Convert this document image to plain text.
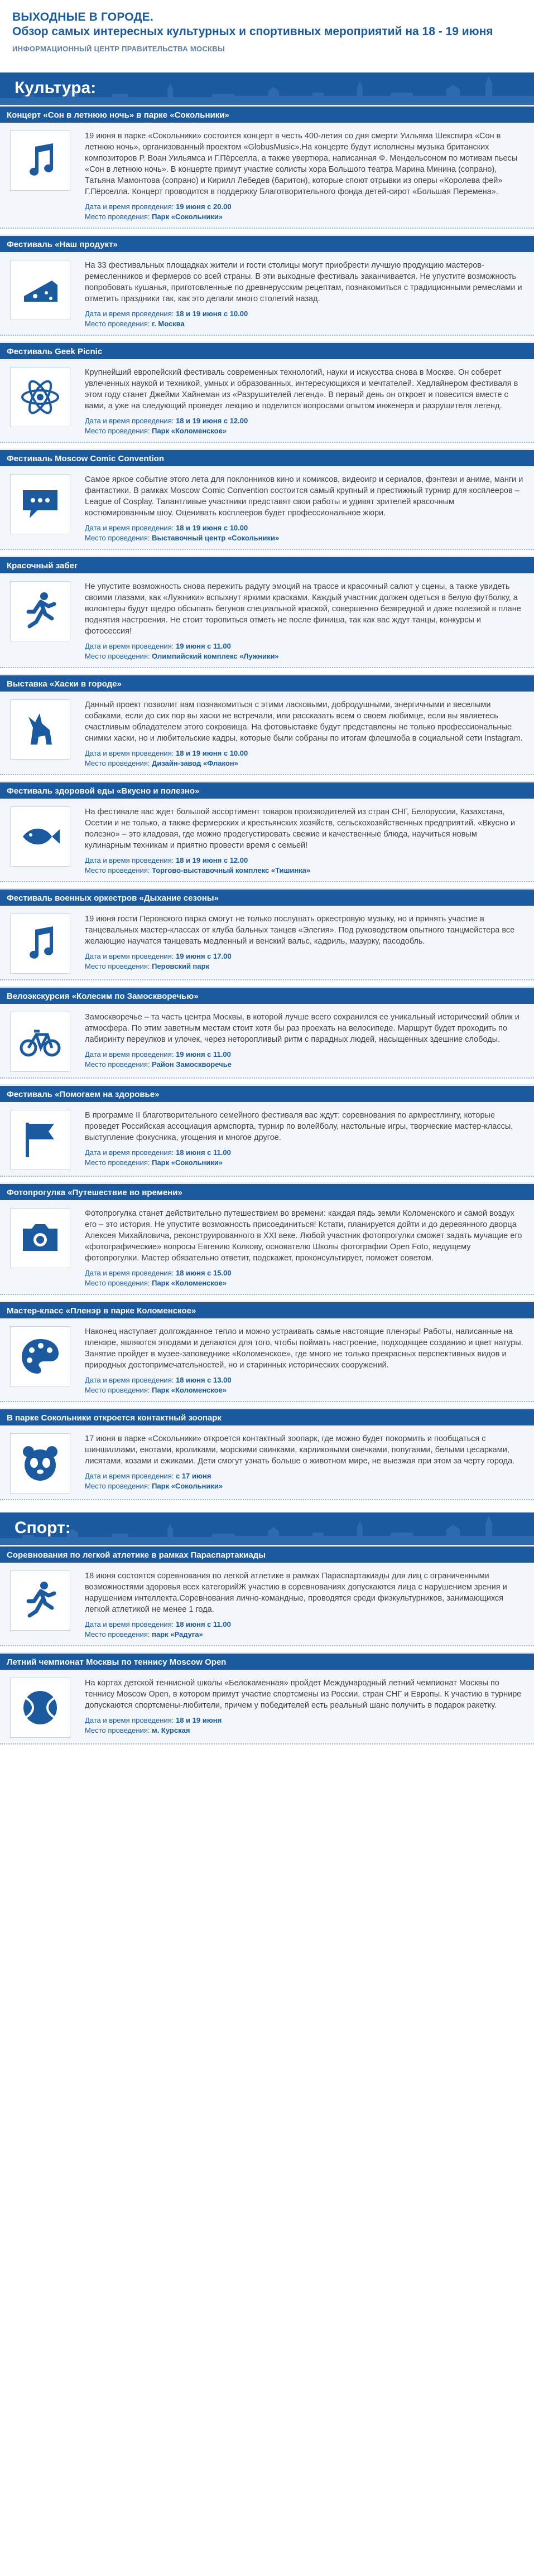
ВЫХОДНЫЕ В ГОРОДЕ.
Обзор самых интересных культурных и спортивных мероприятий на 18 - 19 июня
ИНФОРМАЦИОННЫЙ ЦЕНТР ПРАВИТЕЛЬСТВА МОСКВЫ
Культура:
Концерт «Сон в летнюю ночь» в парке «Сокольники»

19 июня в парке «Сокольники» состоится концерт в честь 400-летия со дня смерти Уильяма Шекспира «Сон в летнюю ночь», организованный проектом «GlobusMusic».На концерте будут исполнены музыка британских композиторов Р. Воан Уильямса и Г.Пёрселла, а также увертюра, написанная Ф. Мендельсоном по мотивам пьесы «Сон в летнюю ночь». В концерте примут участие солисты хора Большого театра Марина Минина (сопрано), Татьяна Мамонтова (сопрано) и Кирилл Лебедев (баритон), которые споют отрывки из оперы «Королева фей» Г.Пёрселла. Концерт проводится в поддержку Благотворительного фонда детей-сирот «Большая Перемена».

Дата и время проведения: 19 июня с 20.00
Место проведения: Парк «Сокольники»
Фестиваль «Наш продукт»

На 33 фестивальных площадках жители и гости столицы могут приобрести лучшую продукцию мастеров-ремесленников и фермеров со всей страны. В эти выходные фестиваль заканчивается. Не упустите возможность попробовать кушанья, приготовленные по древнерусским рецептам, познакомиться с традиционными ремеслами и отметить праздники так, как это делали много столетий назад.

Дата и время проведения: 18 и 19 июня с 10.00
Место проведения: г. Москва
Фестиваль Geek Picnic

Крупнейший европейский фестиваль современных технологий, науки и искусства снова в Москве. Он соберет увлеченных наукой и техникой, умных и образованных, интересующихся и мечтателей. Хедлайнером фестиваля в этом году станет Джейми Хайнеман из «Разрушителей легенд». В первый день он откроет и повесится вместе с вами, а уже на следующий проведет лекцию и поделится вопросами опытом инженера и разрушителя легенд.

Дата и время проведения: 18 и 19 июня с 12.00
Место проведения: Парк «Коломенское»
Фестиваль Moscow Comic Convention

Самое яркое событие этого лета для поклонников кино и комиксов, видеоигр и сериалов, фэнтези и аниме, манги и фантастики. В рамках Moscow Comic Convention состоится самый крупный и престижный турнир для косплееров – League of Cosplay. Талантливые участники представят свои работы и удивят зрителей красочным костюмированным шоу. Оценивать косплееров будет профессиональное жюри.

Дата и время проведения: 18 и 19 июня с 10.00
Место проведения: Выставочный центр «Сокольники»
Красочный забег

Не упустите возможность снова пережить радугу эмоций на трассе и красочный салют у сцены, а также увидеть своими глазами, как «Лужники» вспыхнут яркими красками. Каждый участник должен одеться в белую футболку, а волонтеры будут щедро обсыпать бегунов специальной краской, совершенно безвредной и даже полезной в плане поднятия настроения. Не стоит торопиться отметь не после финиша, так как вас ждут танцы, конкурсы и фотосессия!

Дата и время проведения: 19 июня с 11.00
Место проведения: Олимпийский комплекс «Лужники»
Выставка «Хаски в городе»

Данный проект позволит вам познакомиться с этими ласковыми, добродушными, энергичными и веселыми собаками, если до сих пор вы хаски не встречали, или рассказать всем о своем любимце, если вы являетесь счастливым обладателем этого сокровища. На фотовыставке будут представлены не только профессиональные снимки хаски, но и любительские кадры, которые были собраны по итогам флешмоба в социальной сети Instagram.

Дата и время проведения: 18 и 19 июня с 10.00
Место проведения: Дизайн-завод «Флакон»
Фестиваль здоровой еды «Вкусно и полезно»

На фестивале вас ждет большой ассортимент товаров производителей из стран СНГ, Белоруссии, Казахстана, Осетии и не только, а также фермерских и крестьянских хозяйств, сельскохозяйственных предприятий. «Вкусно и полезно» – это кладовая, где можно продегустировать свежие и качественные блюда, научиться новым кулинарным техникам и приятно провести время с семьей!

Дата и время проведения: 18 и 19 июня с 12.00
Место проведения: Торгово-выставочный комплекс «Тишинка»
Фестиваль военных оркестров «Дыхание сезоны»

19 июня гости Перовского парка смогут не только послушать оркестровую музыку, но и принять участие в танцевальных мастер-классах от клуба бальных танцев «Элегия». Под руководством опытного танцмейстера все желающие научатся танцевать медленный и венский вальс, кадриль, мазурку, пасодобль.

Дата и время проведения: 19 июня с 17.00
Место проведения: Перовский парк
Велоэкскурсия «Колесим по Замоскворечью»

Замоскворечье – та часть центра Москвы, в которой лучше всего сохранился ее уникальный исторический облик и атмосфера. По этим заветным местам стоит хотя бы раз проехать на велосипеде. Маршрут будет проходить по лабиринту переулков и улочек, через неторопливый ритм с парадных людей, насыщенных здешние слободы.

Дата и время проведения: 19 июня с 11.00
Место проведения: Район Замоскворечье
Фестиваль «Помогаем на здоровье»

В программе II благотворительного семейного фестиваля вас ждут: соревнования по армрестлингу, которые проведет Российская ассоциация армспорта, турнир по волейболу, настольные игры, творческие мастер-классы, выступление фокусника, угощения и многое другое.

Дата и время проведения: 18 июня с 11.00
Место проведения: Парк «Сокольники»
Фотопрогулка «Путешествие во времени»

Фотопрогулка станет действительно путешествием во времени: каждая пядь земли Коломенского и самой воздух его – это история. Не упустите возможность присоединиться! Кстати, планируется дойти и до деревянного дворца Алексея Михайловича, реконструированного в XXI веке. Любой участник фотопрогулки сможет задать мучащие его «фотографические» вопросы Евгению Колкову, основателю Школы фотографии Open Foto, ведущему фотопрогулки. Мастер обязательно ответит, подскажет, проконсультирует, поможет советом.

Дата и время проведения: 18 июня с 15.00
Место проведения: Парк «Коломенское»
Мастер-класс «Пленэр в парке Коломенское»

Наконец наступает долгожданное тепло и можно устраивать самые настоящие пленэры! Работы, написанные на пленэре, являются этюдами и делаются для того, чтобы поймать настроение, подходящее созданию и цвет натуры. Занятие пройдет в музее-заповеднике «Коломенское», где много не только прекрасных перспективных видов и природных достопримечательностей, но и старинных исторических сооружений.

Дата и время проведения: 18 июня с 13.00
Место проведения: Парк «Коломенское»
В парке Сокольники откроется контактный зоопарк

17 июня в парке «Сокольники» откроется контактный зоопарк, где можно будет покормить и пообщаться с шиншиллами, енотами, кроликами, морскими свинками, карликовыми овечками, попугаями, белыми цесарками, лисятами, козами и ежиками. Дети смогут узнать больше о животном мире, не выезжая при этом за черту города.

Дата и время проведения: с 17 июня
Место проведения: Парк «Сокольники»
Спорт:
Соревнования по легкой атлетике в рамках Параспартакиады

18 июня состоятся соревнования по легкой атлетике в рамках Параспартакиады для лиц с ограниченными возможностями здоровья всех категорийЖ участию в соревнованиях допускаются лица с нарушением зрения и нарушением интеллекта.Соревнования лично-командные, проводятся среди физкультурников, занимающихся легкой атлетикой не менее 1 года.

Дата и время проведения: 18 июня с 11.00
Место проведения: парк «Радуга»
Летний чемпионат Москвы по теннису Moscow Open

На кортах детской теннисной школы «Белокаменная» пройдет Международный летний чемпионат Москвы по теннису Moscow Open, в котором примут участие спортсмены из России, стран СНГ и Европы. К участию в турнире допускаются спортсмены-любители, причем у победителей есть реальный шанс получить в подарок ракетку.

Дата и время проведения: 18 и 19 июня
Место проведения: м. Курская
